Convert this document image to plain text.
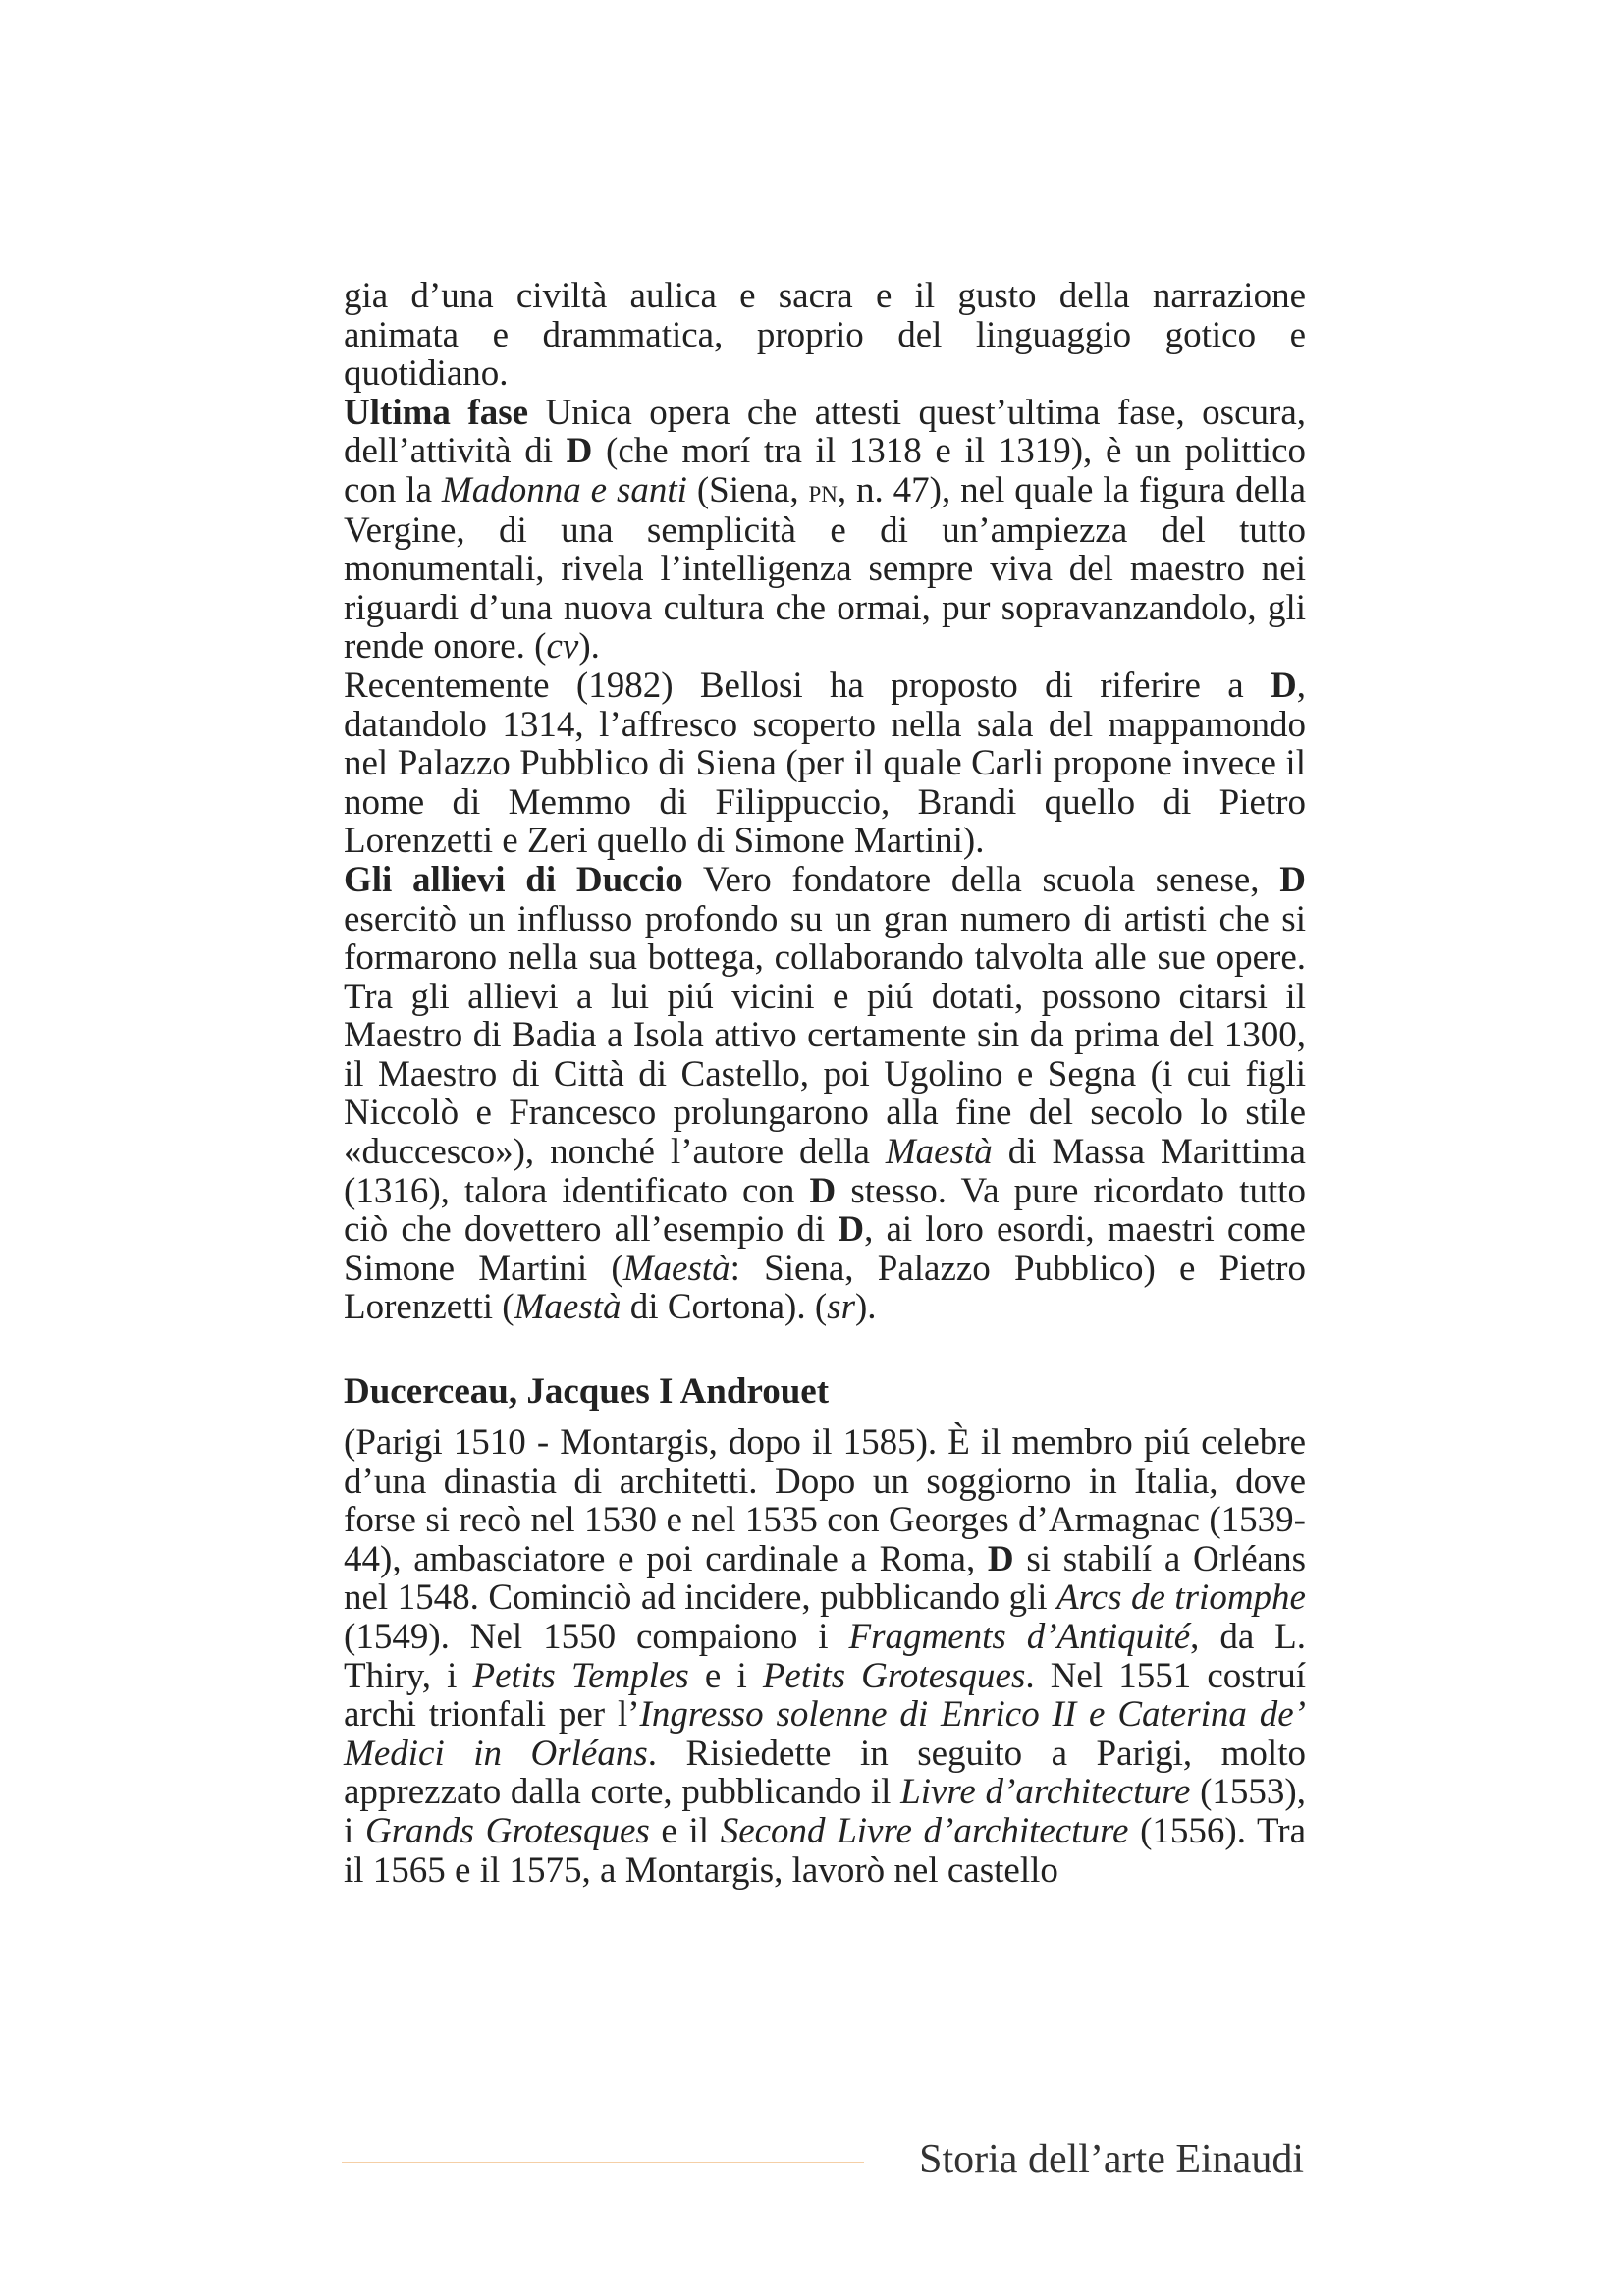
gia d’una civiltà aulica e sacra e il gusto della narrazione

animata e drammatica, proprio del linguaggio gotico e

quotidiano.

Ultima fase Unica opera che attesti quest’ultima fase, oscura, dell’attività di D (che morí tra il 1318 e il 1319), è un polittico con la Madonna e santi (Siena, pn, n. 47), nel quale la figura della Vergine, di una semplicità e di un’ampiezza del tutto monumentali, rivela l’intelligenza sempre viva del maestro nei riguardi d’una nuova cultura che ormai, pur sopravanzandolo, gli rende onore. (cv).

Recentemente (1982) Bellosi ha proposto di riferire a D, datandolo 1314, l’affresco scoperto nella sala del mappamondo nel Palazzo Pubblico di Siena (per il quale Carli propone invece il nome di Memmo di Filippuccio, Brandi quello di Pietro Lorenzetti e Zeri quello di Simone Martini).

Gli allievi di Duccio Vero fondatore della scuola senese, D esercitò un influsso profondo su un gran numero di artisti che si formarono nella sua bottega, collaborando talvolta alle sue opere. Tra gli allievi a lui piú vicini e piú dotati, possono citarsi il Maestro di Badia a Isola attivo certamente sin da prima del 1300, il Maestro di Città di Castello, poi Ugolino e Segna (i cui figli Niccolò e Francesco prolungarono alla fine del secolo lo stile «duccesco»), nonché l’autore della Maestà di Massa Marittima (1316), talora identificato con D stesso. Va pure ricordato tutto ciò che dovettero all’esempio di D, ai loro esordi, maestri come Simone Martini (Maestà: Siena, Palazzo Pubblico) e Pietro Lorenzetti (Maestà di Cortona). (sr).

Ducerceau, Jacques I Androuet

(Parigi 1510 - Montargis, dopo il 1585). È il membro piú celebre d’una dinastia di architetti. Dopo un soggiorno in Italia, dove forse si recò nel 1530 e nel 1535 con Georges d’Armagnac (1539-44), ambasciatore e poi cardinale a Roma, D si stabilí a Orléans nel 1548. Cominciò ad incidere, pubblicando gli Arcs de triomphe (1549). Nel 1550 compaiono i Fragments d’Antiquité, da L. Thiry, i Petits Temples e i Petits Grotesques. Nel 1551 costruí archi trionfali per l’Ingresso solenne di Enrico II e Caterina de’ Medici in Orléans. Risiedette in seguito a Parigi, molto apprezzato dalla corte, pubblicando il Livre d’architecture (1553), i Grands Grotesques e il Second Livre d’architecture (1556). Tra il 1565 e il 1575, a Montargis, lavorò nel castello

Storia dell’arte Einaudi
